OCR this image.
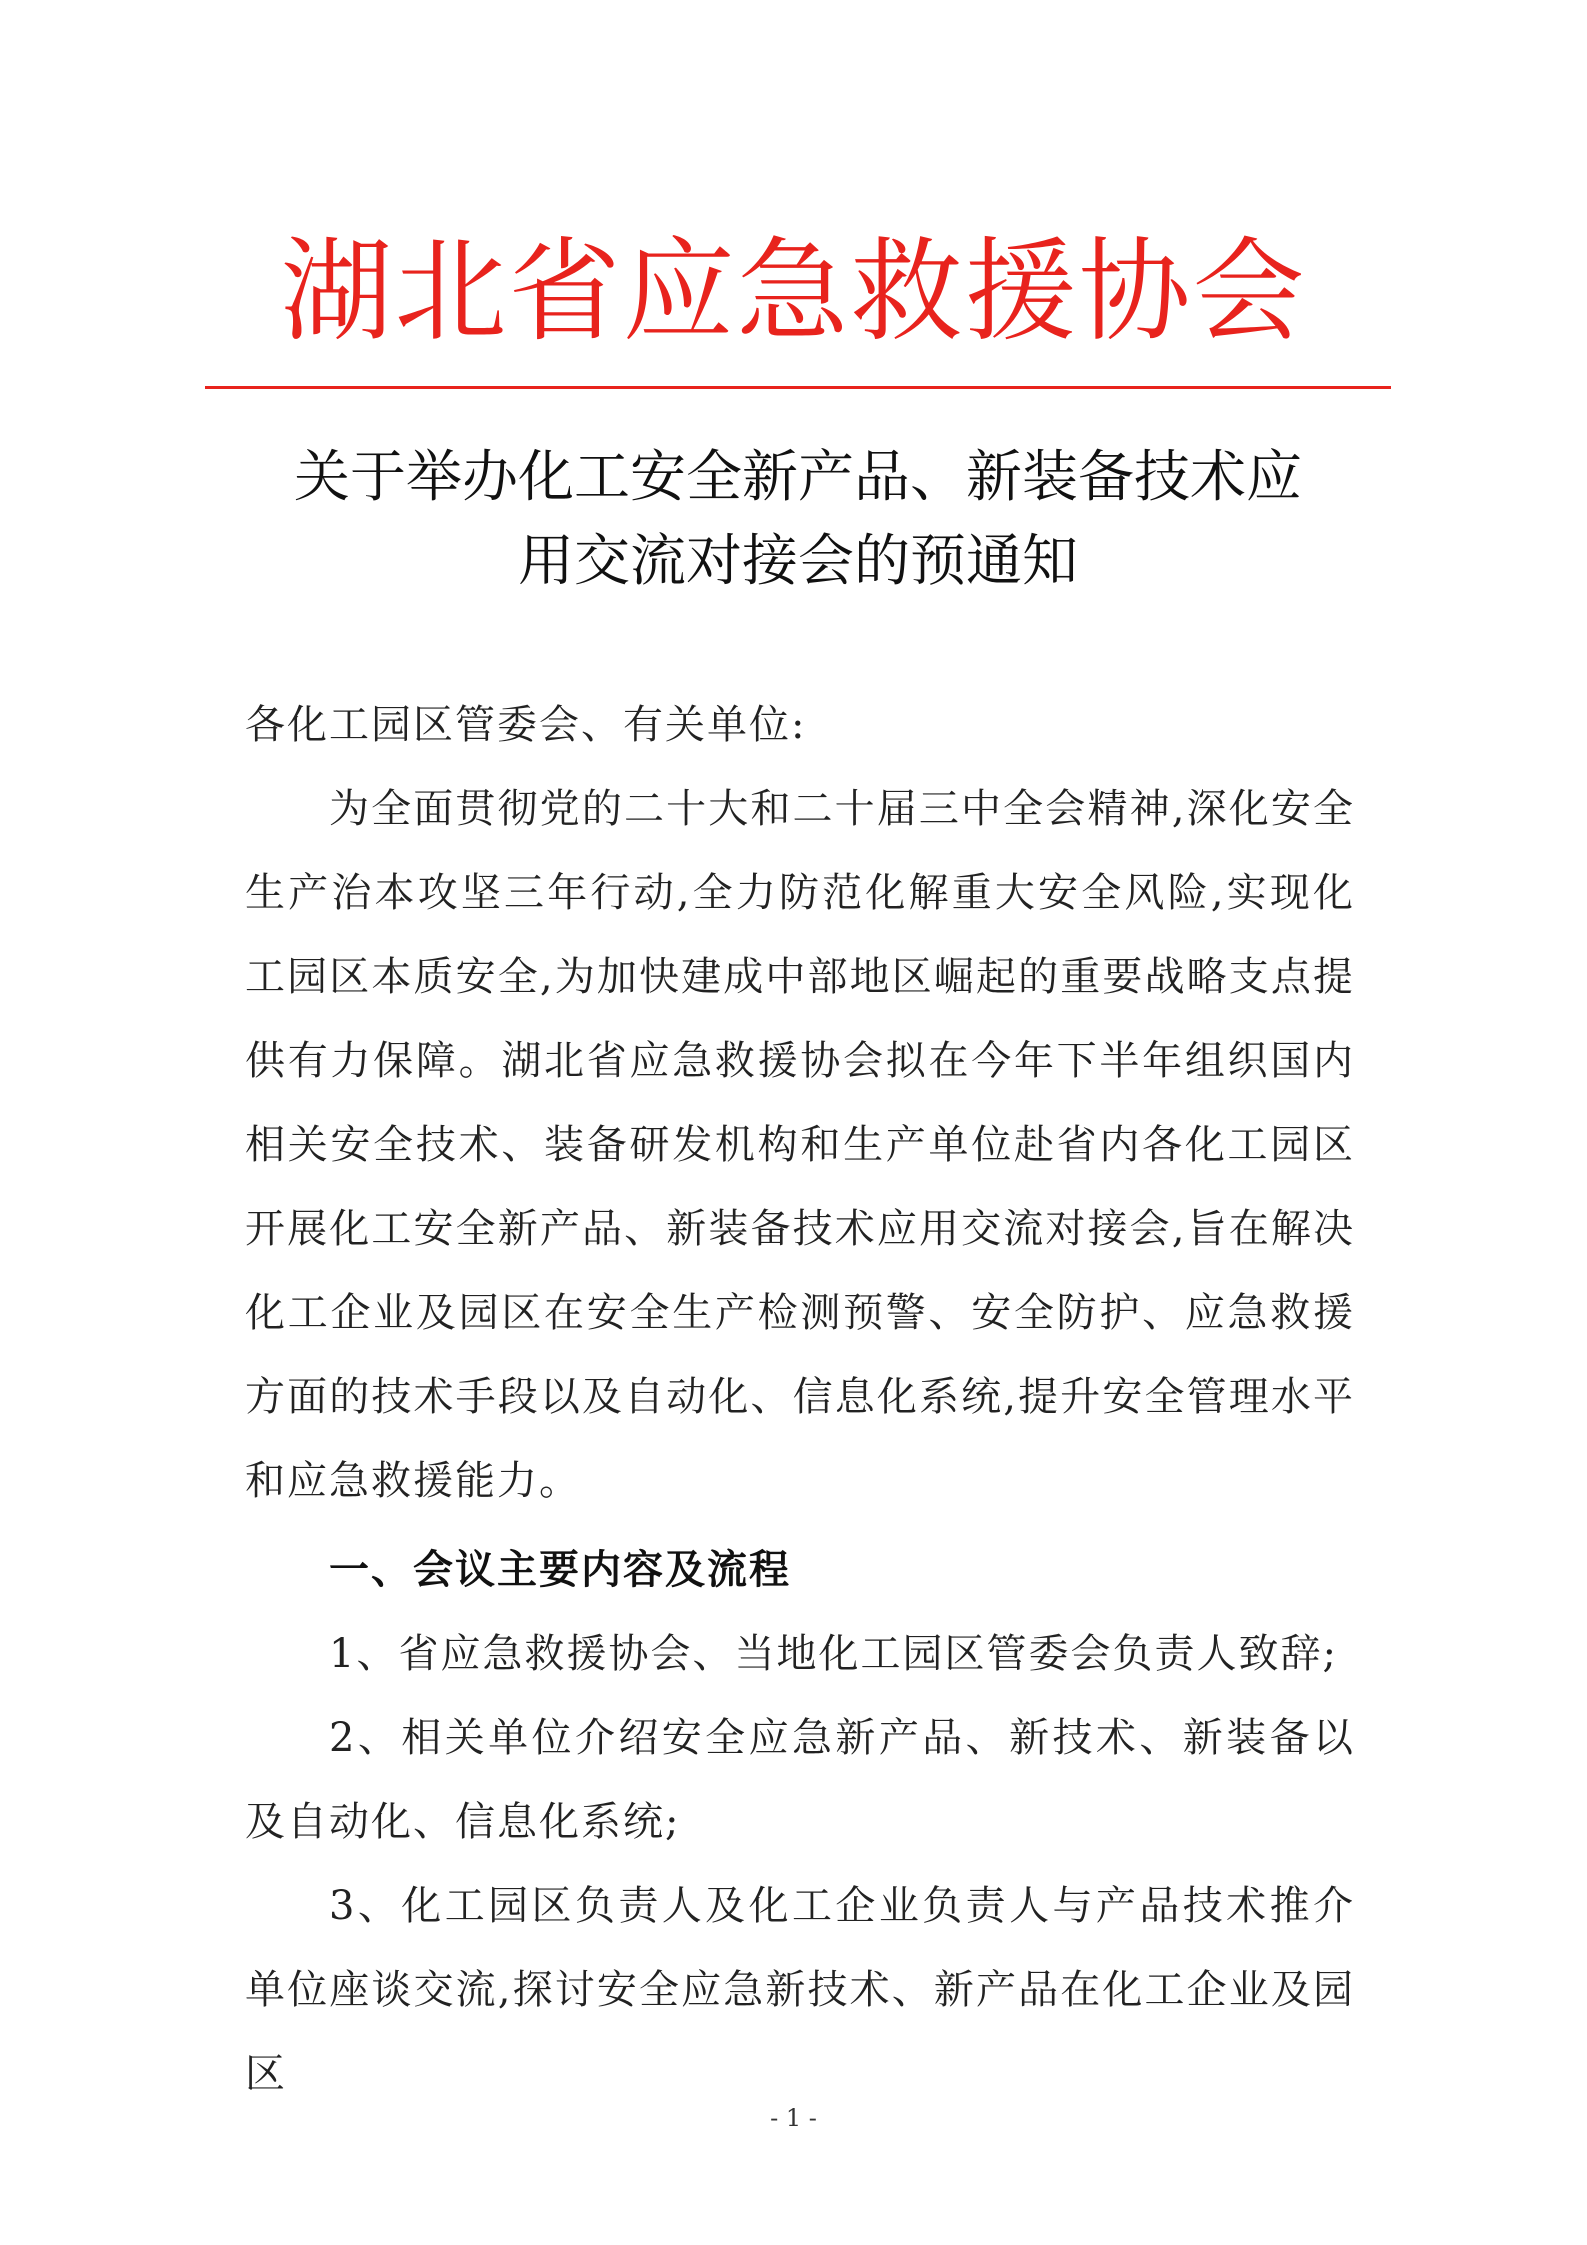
湖北省应急救援协会
关于举办化工安全新产品、新装备技术应
用交流对接会的预通知
各化工园区管委会、有关单位:
为全面贯彻党的二十大和二十届三中全会精神,深化安全生产治本攻坚三年行动,全力防范化解重大安全风险,实现化工园区本质安全,为加快建成中部地区崛起的重要战略支点提供有力保障。湖北省应急救援协会拟在今年下半年组织国内相关安全技术、装备研发机构和生产单位赴省内各化工园区开展化工安全新产品、新装备技术应用交流对接会,旨在解决化工企业及园区在安全生产检测预警、安全防护、应急救援方面的技术手段以及自动化、信息化系统,提升安全管理水平和应急救援能力。
一、会议主要内容及流程
1、省应急救援协会、当地化工园区管委会负责人致辞;
2、相关单位介绍安全应急新产品、新技术、新装备以及自动化、信息化系统;
3、化工园区负责人及化工企业负责人与产品技术推介单位座谈交流,探讨安全应急新技术、新产品在化工企业及园区
- 1 -
